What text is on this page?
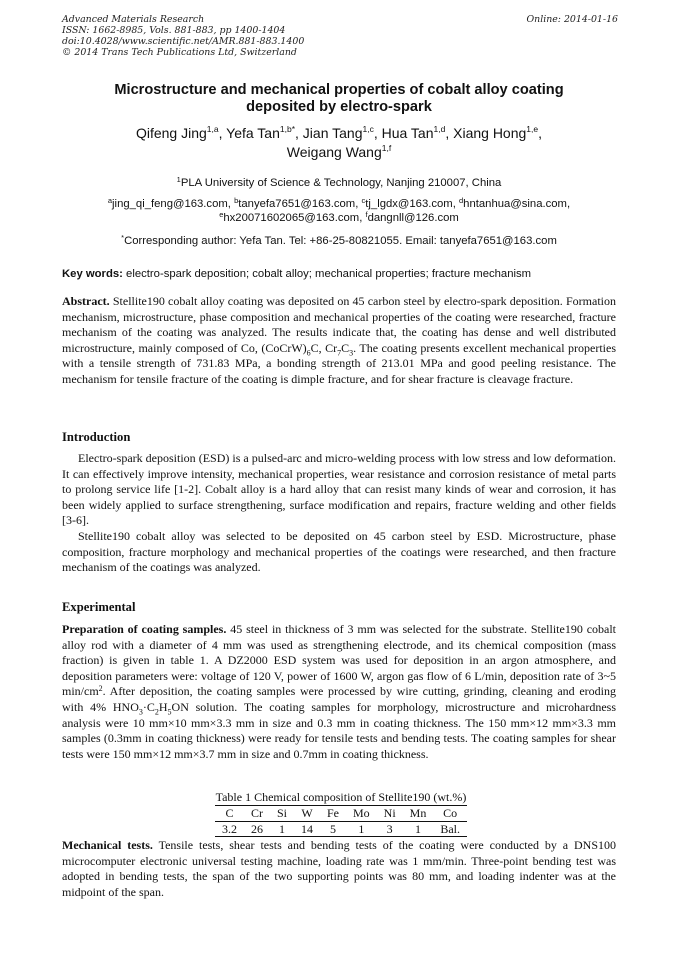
Advanced Materials Research
ISSN: 1662-8985, Vols. 881-883, pp 1400-1404
doi:10.4028/www.scientific.net/AMR.881-883.1400
© 2014 Trans Tech Publications Ltd, Switzerland
Online: 2014-01-16
Microstructure and mechanical properties of cobalt alloy coating
deposited by electro-spark
Qifeng Jing$^{1,a}$, Yefa Tan$^{1,b*}$, Jian Tang$^{1,c}$, Hua Tan$^{1,d}$, Xiang Hong$^{1,e}$,
Weigang Wang$^{1,f}$
$^1$PLA University of Science & Technology, Nanjing 210007, China
$^a$jing_qi_feng@163.com, $^b$tanyefa7651@163.com, $^c$tj_lgdx@163.com, $^d$hntanhua@sina.com,
$^e$hx20071602065@163.com, $^f$dangnll@126.com
*Corresponding author: Yefa Tan. Tel: +86-25-80821055. Email: tanyefa7651@163.com
Key words: electro-spark deposition; cobalt alloy; mechanical properties; fracture mechanism

Abstract. Stellite190 cobalt alloy coating was deposited on 45 carbon steel by electro-spark deposition. Formation mechanism, microstructure, phase composition and mechanical properties of the coating were researched, fracture mechanism of the coating was analyzed. The results indicate that, the coating has dense and well distributed microstructure, mainly composed of Co, $(CoCrW)_6C$, $Cr_7C_3$. The coating presents excellent mechanical properties with a tensile strength of 731.83 MPa, a bonding strength of 213.01 MPa and good peeling resistance. The mechanism for tensile fracture of the coating is dimple fracture, and for shear fracture is cleavage fracture.

Introduction

Electro-spark deposition (ESD) is a pulsed-arc and micro-welding process with low stress and low deformation. It can effectively improve intensity, mechanical properties, wear resistance and corrosion resistance of metal parts to prolong service life [1-2]. Cobalt alloy is a hard alloy that can resist many kinds of wear and corrosion, it has been widely applied to surface strengthening, surface modification and repairs, fracture welding and other fields [3-6].

Stellite190 cobalt alloy was selected to be deposited on 45 carbon steel by ESD. Microstructure, phase composition, fracture morphology and mechanical properties of the coatings were researched, and then fracture mechanism of the coatings was analyzed.

Experimental

Preparation of coating samples. 45 steel in thickness of 3 mm was selected for the substrate. Stellite190 cobalt alloy rod with a diameter of 4 mm was used as strengthening electrode, and its chemical composition (mass fraction) is given in table 1. A DZ2000 ESD system was used for deposition in an argon atmosphere, and deposition parameters were: voltage of 120 V, power of 1600 W, argon gas flow of 6 L/min, deposition rate of 3~5 $\min/cm^2$. After deposition, the coating samples were processed by wire cutting, grinding, cleaning and eroding with 4% $HNO_3\cdot C_2H_5ON$ solution. The coating samples for morphology, microstructure and microhardness analysis were 10 mm×10 mm×3.3 mm in size and 0.3 mm in coating thickness. The 150 mm×12 mm×3.3 mm samples (0.3mm in coating thickness) were ready for tensile tests and bending tests. The coating samples for shear tests were 150 mm×12 mm×3.7 mm in size and 0.7mm in coating thickness.

Table 1 Chemical composition of Stellite190 (wt.%)
C	Cr	Si	W	Fe	Mo	Ni	Mn	Co
3.2	26	1	14	5	1	3	1	Bal.

Mechanical tests. Tensile tests, shear tests and bending tests of the coating were conducted by a DNS100 microcomputer electronic universal testing machine, loading rate was 1 mm/min. Three-point bending test was adopted in bending tests, the span of the two supporting points was 80 mm, and loading indenter was at the midpoint of the span.
